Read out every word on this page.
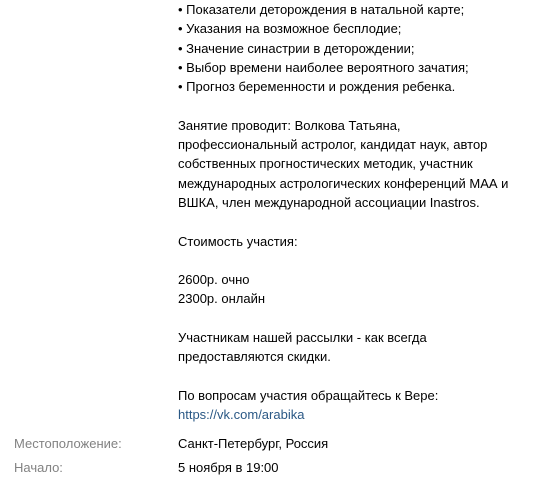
• Показатели деторождения в натальной карте;
• Указания на возможное бесплодие;
• Значение синастрии в деторождении;
• Выбор времени наиболее вероятного зачатия;
• Прогноз беременности и рождения ребенка.
Занятие проводит: Волкова Татьяна,
профессиональный астролог, кандидат наук, автор
собственных прогностических методик, участник
международных астрологических конференций МАА и
ВШКА, член международной ассоциации Inastros.
Стоимость участия:
2600р. очно
2300р. онлайн
Участникам нашей рассылки - как всегда
предоставляются скидки.
По вопросам участия обращайтесь к Вере:
https://vk.com/arabika
Местоположение:	Санкт-Петербург, Россия
Начало:	5 ноября в 19:00
